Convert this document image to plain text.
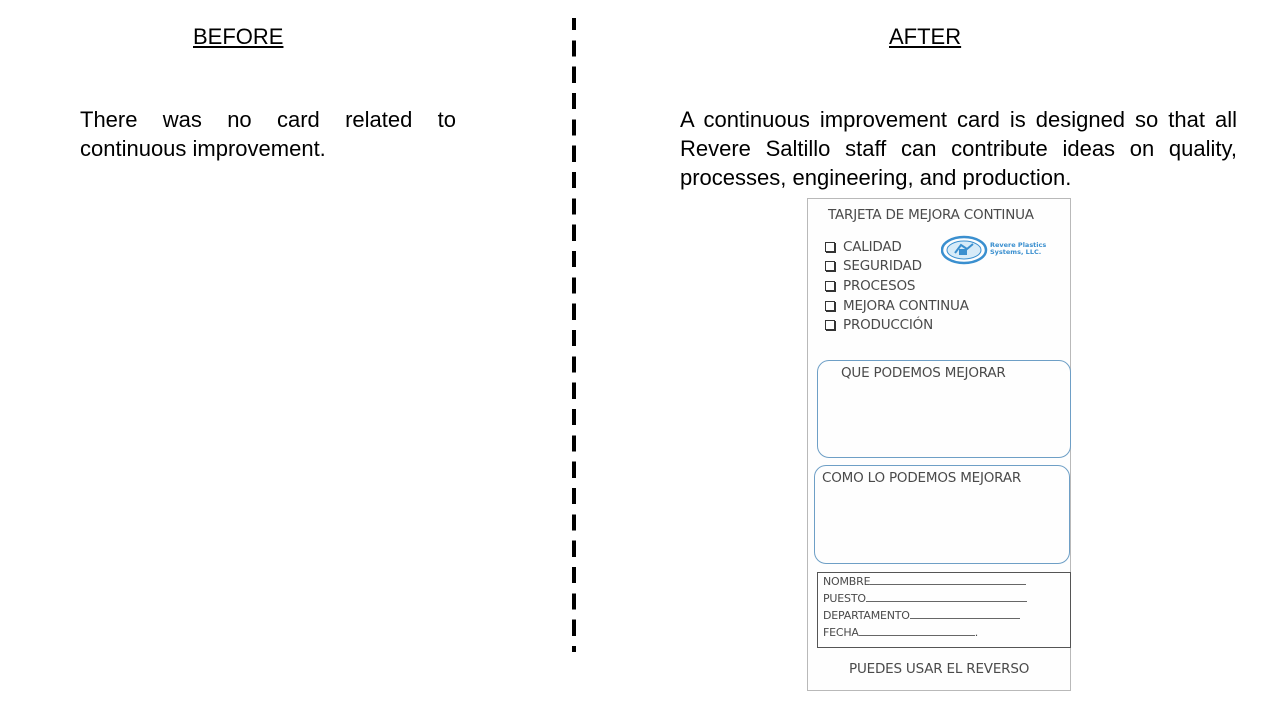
BEFORE	AFTER
There was no card related to continuous improvement.
A continuous improvement card is designed so that all Revere Saltillo staff can contribute ideas on quality, processes, engineering, and production.
TARJETA DE MEJORA CONTINUA
CALIDAD
SEGURIDAD
PROCESOS
MEJORA CONTINUA
PRODUCCIÓN
Revere Plastics
Systems, LLC.
QUE PODEMOS MEJORAR
COMO LO PODEMOS MEJORAR
NOMBRE
PUESTO
DEPARTAMENTO
FECHA	.
PUEDES USAR EL REVERSO
